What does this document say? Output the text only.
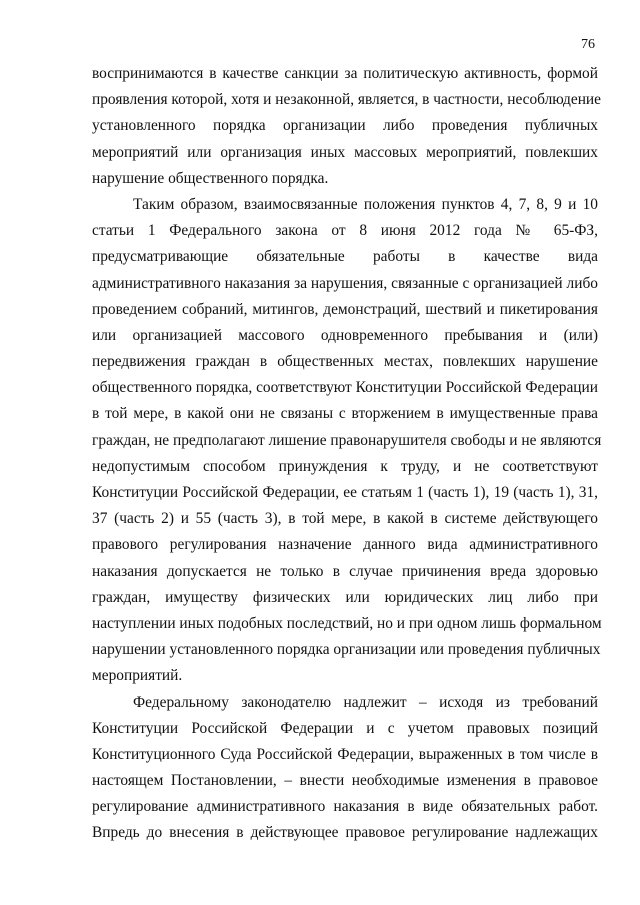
76
воспринимаются в качестве санкции за политическую активность, формой
проявления которой, хотя и незаконной, является, в частности, несоблюдение
установленного порядка организации либо проведения публичных
мероприятий или организация иных массовых мероприятий, повлекших
нарушение общественного порядка.
Таким образом, взаимосвязанные положения пунктов 4, 7, 8, 9 и 10
статьи 1 Федерального закона от 8 июня 2012 года № 65-ФЗ,
предусматривающие обязательные работы в качестве вида
административного наказания за нарушения, связанные с организацией либо
проведением собраний, митингов, демонстраций, шествий и пикетирования
или организацией массового одновременного пребывания и (или)
передвижения граждан в общественных местах, повлекших нарушение
общественного порядка, соответствуют Конституции Российской Федерации
в той мере, в какой они не связаны с вторжением в имущественные права
граждан, не предполагают лишение правонарушителя свободы и не являются
недопустимым способом принуждения к труду, и не соответствуют
Конституции Российской Федерации, ее статьям 1 (часть 1), 19 (часть 1), 31,
37 (часть 2) и 55 (часть 3), в той мере, в какой в системе действующего
правового регулирования назначение данного вида административного
наказания допускается не только в случае причинения вреда здоровью
граждан, имуществу физических или юридических лиц либо при
наступлении иных подобных последствий, но и при одном лишь формальном
нарушении установленного порядка организации или проведения публичных
мероприятий.
Федеральному законодателю надлежит – исходя из требований
Конституции Российской Федерации и с учетом правовых позиций
Конституционного Суда Российской Федерации, выраженных в том числе в
настоящем Постановлении, – внести необходимые изменения в правовое
регулирование административного наказания в виде обязательных работ.
Впредь до внесения в действующее правовое регулирование надлежащих
